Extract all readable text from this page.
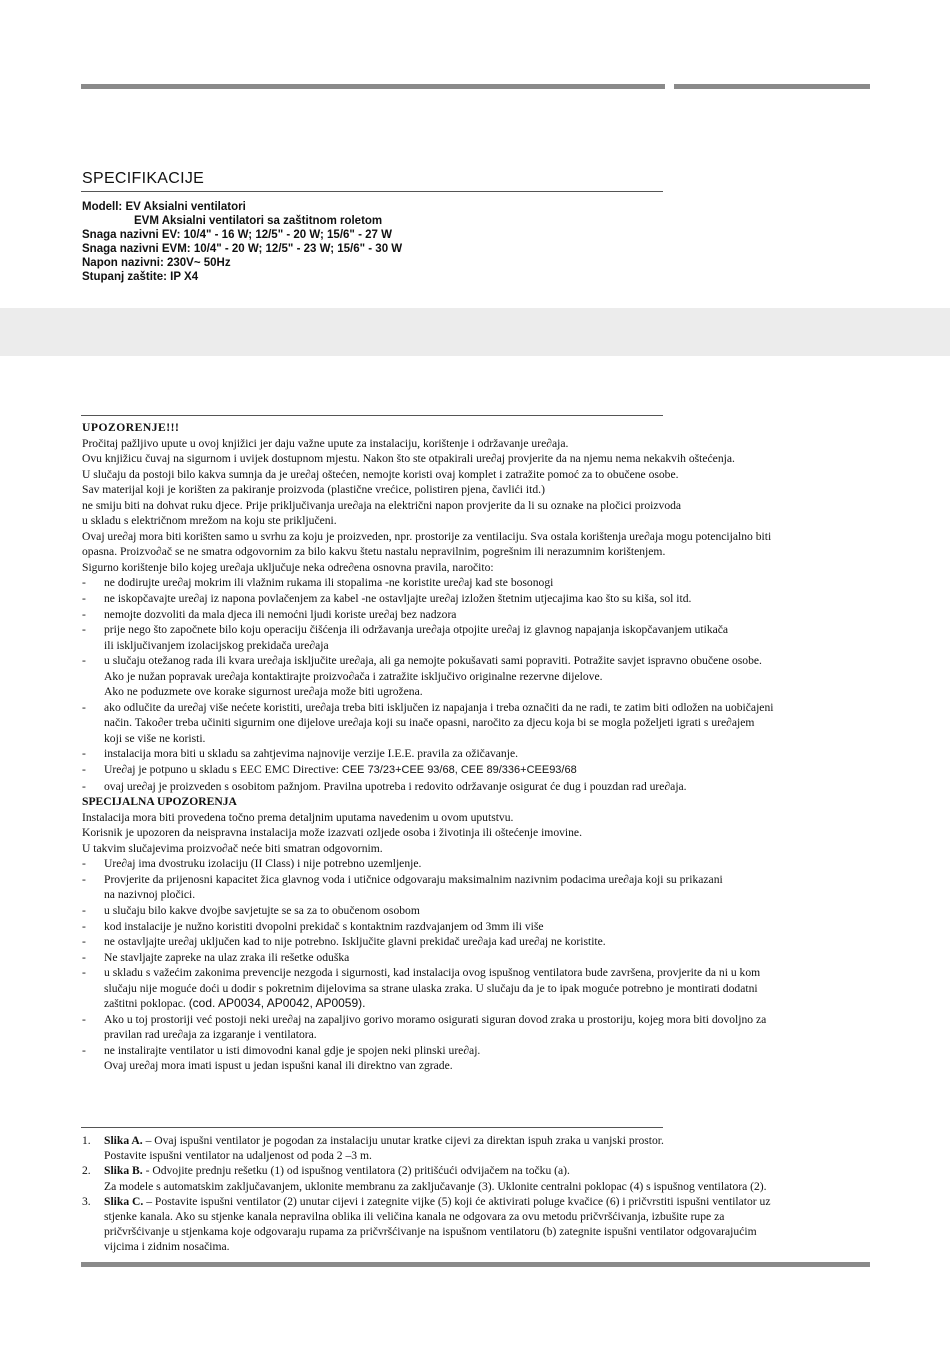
SPECIFIKACIJE
Modell: EV Aksialni ventilatori
EVM Aksialni ventilatori sa zaštitnom roletom
Snaga nazivni EV: 10/4" - 16 W; 12/5" - 20 W; 15/6" - 27 W
Snaga nazivni EVM: 10/4" - 20 W; 12/5" - 23 W; 15/6" - 30 W
Napon nazivni: 230V~ 50Hz
Stupanj zaštite: IP X4
UPOZORENJE!!!
Pročitaj pažljivo upute u ovoj knjižici jer daju važne upute za instalaciju, korištenje i održavanje ure∂aja.
Ovu knjižicu čuvaj na sigurnom i uvijek dostupnom mjestu. Nakon što ste otpakirali ure∂aj provjerite da na njemu nema nekakvih oštećenja.
U slučaju da postoji bilo kakva sumnja da je ure∂aj oštećen, nemojte koristi ovaj komplet i zatražite pomoć za to obučene osobe.
Sav materijal koji je korišten za pakiranje proizvoda (plastične vrećice, polistiren pjena, čavlići itd.)
ne smiju biti na dohvat ruku djece. Prije priključivanja ure∂aja na električni napon provjerite da li su oznake na pločici proizvoda
u skladu s električnom mrežom na koju ste priključeni.
Ovaj ure∂aj mora biti korišten samo u svrhu za koju je proizveden, npr. prostorije za ventilaciju. Sva ostala korištenja ure∂aja mogu potencijalno biti
opasna. Proizvo∂ač se ne smatra odgovornim za bilo kakvu štetu nastalu nepravilnim, pogrešnim ili nerazumnim korištenjem.
Sigurno korištenje bilo kojeg ure∂aja uključuje neka odre∂ena osnovna pravila, naročito:
-	ne dodirujte ure∂aj mokrim ili vlažnim rukama ili stopalima -ne koristite ure∂aj kad ste bosonogi
-	ne iskopčavajte ure∂aj iz napona povlačenjem za kabel -ne ostavljajte ure∂aj izložen štetnim utjecajima kao što su kiša, sol itd.
-	nemojte dozvoliti da mala djeca ili nemoćni ljudi koriste ure∂aj bez nadzora
-	prije nego što započnete bilo koju operaciju čišćenja ili održavanja ure∂aja otpojite ure∂aj iz glavnog napajanja iskopčavanjem utikača
ili isključivanjem izolacijskog prekidača ure∂aja
-	u slučaju otežanog rada ili kvara ure∂aja isključite ure∂aja, ali ga nemojte pokušavati sami popraviti. Potražite savjet ispravno obučene osobe.
Ako je nužan popravak ure∂aja kontaktirajte proizvo∂ača i zatražite isključivo originalne rezervne dijelove.
Ako ne poduzmete ove korake sigurnost ure∂aja može biti ugrožena.
-	ako odlučite da ure∂aj više nećete koristiti, ure∂aja treba biti isključen iz napajanja i treba označiti da ne radi, te zatim biti odložen na uobičajeni
način. Tako∂er treba učiniti sigurnim one dijelove ure∂aja koji su inače opasni, naročito za djecu koja bi se mogla poželjeti igrati s ure∂ajem
koji se više ne koristi.
-	instalacija mora biti u skladu sa zahtjevima najnovije verzije I.E.E. pravila za ožičavanje.
-	Ure∂aj je potpuno u skladu s EEC EMC Directive: CEE 73/23+CEE 93/68, CEE 89/336+CEE93/68
-	ovaj ure∂aj je proizveden s osobitom pažnjom. Pravilna upotreba i redovito održavanje osigurat će dug i pouzdan rad ure∂aja.
SPECIJALNA UPOZORENJA
Instalacija mora biti provedena točno prema detaljnim uputama navedenim u ovom uputstvu.
Korisnik je upozoren da neispravna instalacija može izazvati ozljede osoba i životinja ili oštećenje imovine.
U takvim slučajevima proizvo∂ač neće biti smatran odgovornim.
-	Ure∂aj ima dvostruku izolaciju (II Class) i nije potrebno uzemljenje.
-	Provjerite da prijenosni kapacitet žica glavnog voda i utičnice odgovaraju maksimalnim nazivnim podacima ure∂aja koji su prikazani
na nazivnoj pločici.
-	u slučaju bilo kakve dvojbe savjetujte se sa za to obučenom osobom
-	kod instalacije je nužno koristiti dvopolni prekidač s kontaktnim razdvajanjem od 3mm ili više
-	ne ostavljajte ure∂aj uključen kad to nije potrebno. Isključite glavni prekidač ure∂aja kad ure∂aj ne koristite.
-	Ne stavljajte zapreke na ulaz zraka ili rešetke oduška
-	u skladu s važećim zakonima prevencije nezgoda i sigurnosti, kad instalacija ovog ispušnog ventilatora bude završena, provjerite da ni u kom
slučaju nije moguće doći u dodir s pokretnim dijelovima sa strane ulaska zraka. U slučaju da je to ipak moguće potrebno je montirati dodatni
zaštitni poklopac. (cod. AP0034, AP0042, AP0059).
-	Ako u toj prostoriji već postoji neki ure∂aj na zapaljivo gorivo moramo osigurati siguran dovod zraka u prostoriju, kojeg mora biti dovoljno za
pravilan rad ure∂aja za izgaranje i ventilatora.
-	ne instalirajte ventilator u isti dimovodni kanal gdje je spojen neki plinski ure∂aj.
Ovaj ure∂aj mora imati ispust u jedan ispušni kanal ili direktno van zgrade.
1.	Slika A. – Ovaj ispušni ventilator je pogodan za instalaciju unutar kratke cijevi za direktan ispuh zraka u vanjski prostor.
Postavite ispušni ventilator na udaljenost od poda 2 –3 m.
2.	Slika B. - Odvojite prednju rešetku (1) od ispušnog ventilatora (2) pritišćući odvijačem na točku (a).
Za modele s automatskim zaključavanjem, uklonite membranu za zaključavanje (3). Uklonite centralni poklopac (4) s ispušnog ventilatora (2).
3.	Slika C. – Postavite ispušni ventilator (2) unutar cijevi i zategnite vijke (5) koji će aktivirati poluge kvačice (6) i pričvrstiti ispušni ventilator uz
stjenke kanala. Ako su stjenke kanala nepravilna oblika ili veličina kanala ne odgovara za ovu metodu pričvršćivanja, izbušite rupe za
pričvršćivanje u stjenkama koje odgovaraju rupama za pričvršćivanje na ispušnom ventilatoru (b) zategnite ispušni ventilator odgovarajućim
vijcima i zidnim nosačima.
